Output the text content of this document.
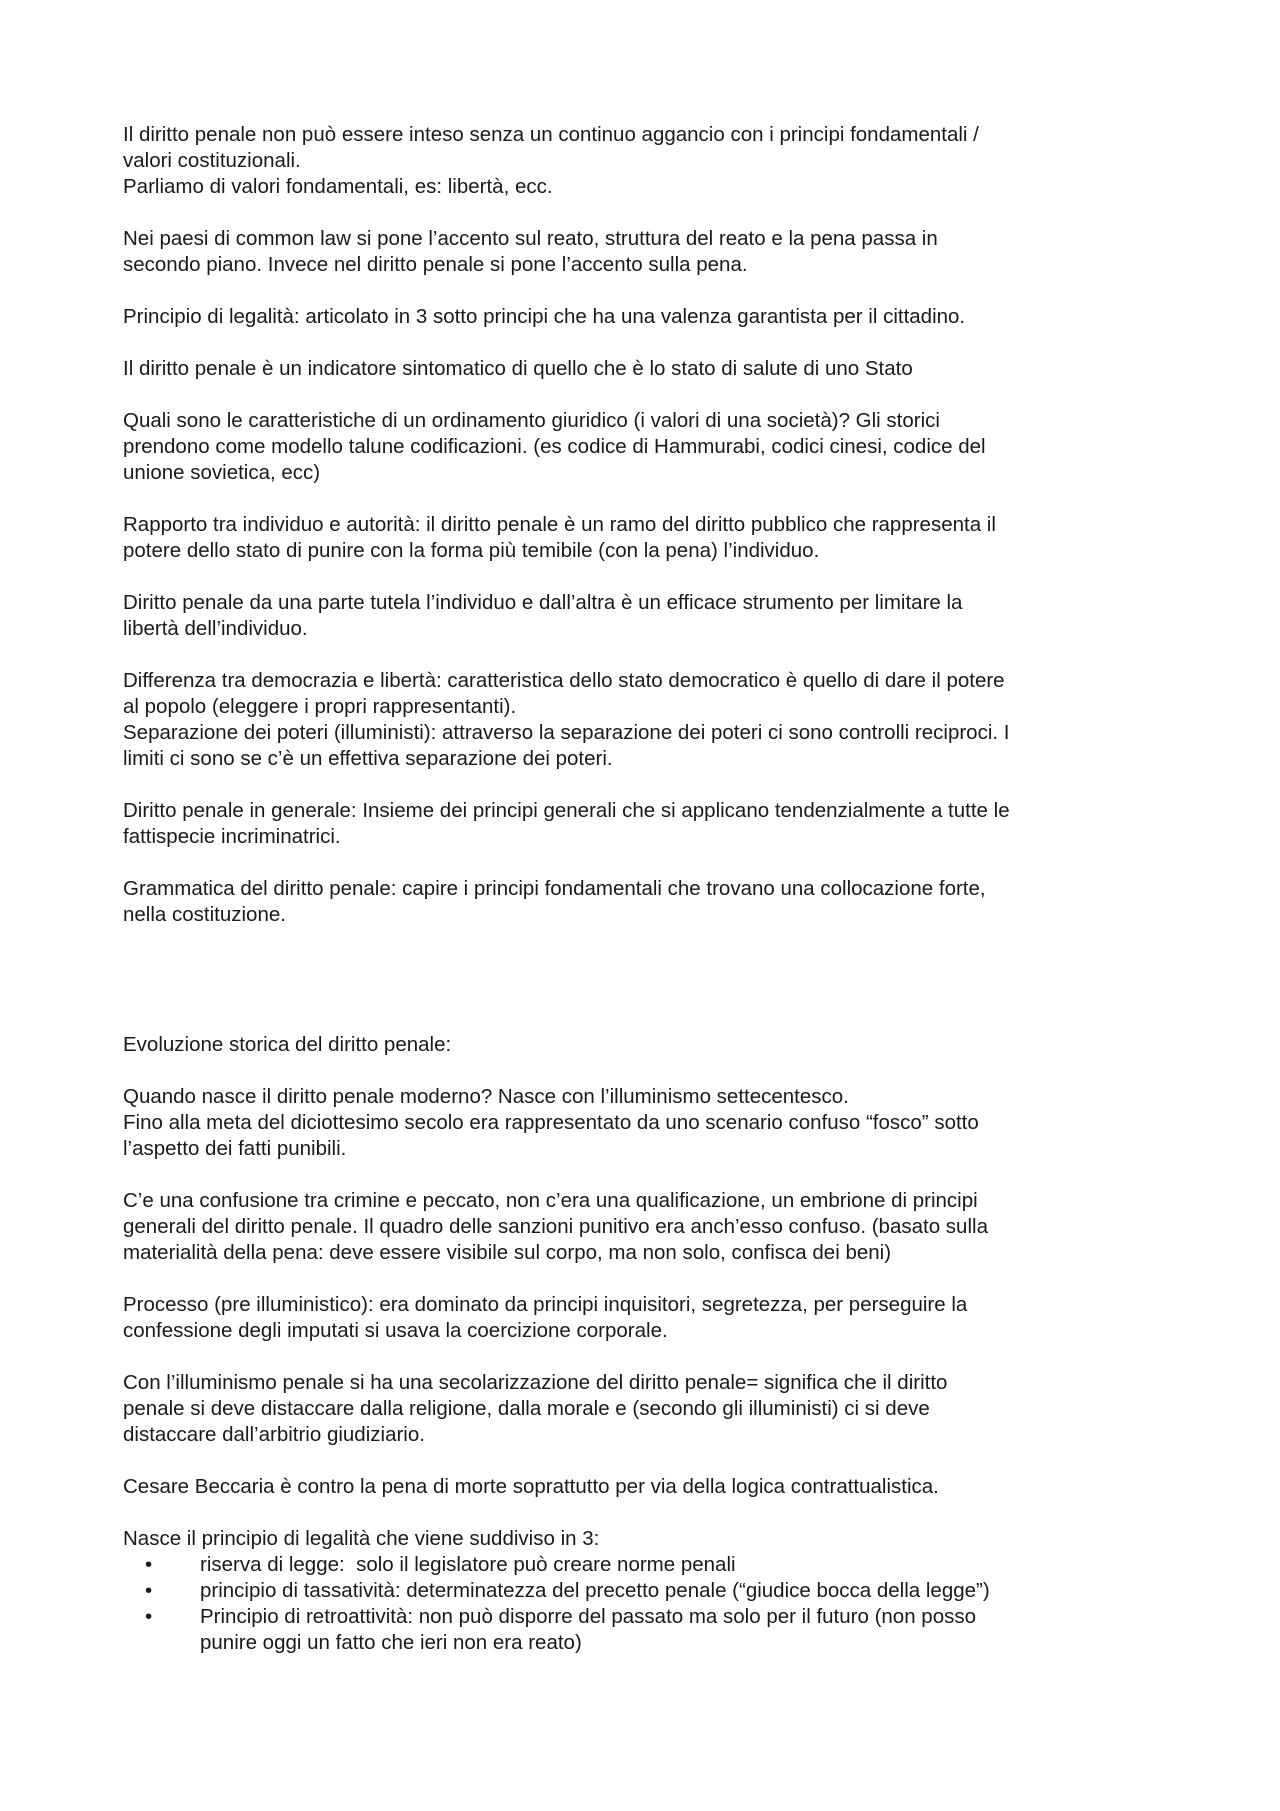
Il diritto penale non può essere inteso senza un continuo aggancio con i principi fondamentali /
valori costituzionali.
Parliamo di valori fondamentali, es: libertà, ecc.
Nei paesi di common law si pone l’accento sul reato, struttura del reato e la pena passa in
secondo piano. Invece nel diritto penale si pone l’accento sulla pena.
Principio di legalità: articolato in 3 sotto principi che ha una valenza garantista per il cittadino.
Il diritto penale è un indicatore sintomatico di quello che è lo stato di salute di uno Stato
Quali sono le caratteristiche di un ordinamento giuridico (i valori di una società)? Gli storici
prendono come modello talune codificazioni. (es codice di Hammurabi, codici cinesi, codice del
unione sovietica, ecc)
Rapporto tra individuo e autorità: il diritto penale è un ramo del diritto pubblico che rappresenta il
potere dello stato di punire con la forma più temibile (con la pena) l’individuo.
Diritto penale da una parte tutela l’individuo e dall’altra è un efficace strumento per limitare la
libertà dell’individuo.
Differenza tra democrazia e libertà: caratteristica dello stato democratico è quello di dare il potere
al popolo (eleggere i propri rappresentanti).
Separazione dei poteri (illuministi): attraverso la separazione dei poteri ci sono controlli reciproci. I
limiti ci sono se c’è un effettiva separazione dei poteri.
Diritto penale in generale: Insieme dei principi generali che si applicano tendenzialmente a tutte le
fattispecie incriminatrici.
Grammatica del diritto penale: capire i principi fondamentali che trovano una collocazione forte,
nella costituzione.
Evoluzione storica del diritto penale:
Quando nasce il diritto penale moderno? Nasce con l’illuminismo settecentesco.
Fino alla meta del diciottesimo secolo era rappresentato da uno scenario confuso “fosco” sotto
l’aspetto dei fatti punibili.
C’e una confusione tra crimine e peccato, non c’era una qualificazione, un embrione di principi
generali del diritto penale. Il quadro delle sanzioni punitivo era anch’esso confuso. (basato sulla
materialità della pena: deve essere visibile sul corpo, ma non solo, confisca dei beni)
Processo (pre illuministico): era dominato da principi inquisitori, segretezza, per perseguire la
confessione degli imputati si usava la coercizione corporale.
Con l’illuminismo penale si ha una secolarizzazione del diritto penale= significa che il diritto
penale si deve distaccare dalla religione, dalla morale e (secondo gli illuministi) ci si deve
distaccare dall’arbitrio giudiziario.
Cesare Beccaria è contro la pena di morte soprattutto per via della logica contrattualistica.
Nasce il principio di legalità che viene suddiviso in 3:
• riserva di legge:  solo il legislatore può creare norme penali
• principio di tassatività: determinatezza del precetto penale (“giudice bocca della legge”)
• Principio di retroattività: non può disporre del passato ma solo per il futuro (non posso
punire oggi un fatto che ieri non era reato)
